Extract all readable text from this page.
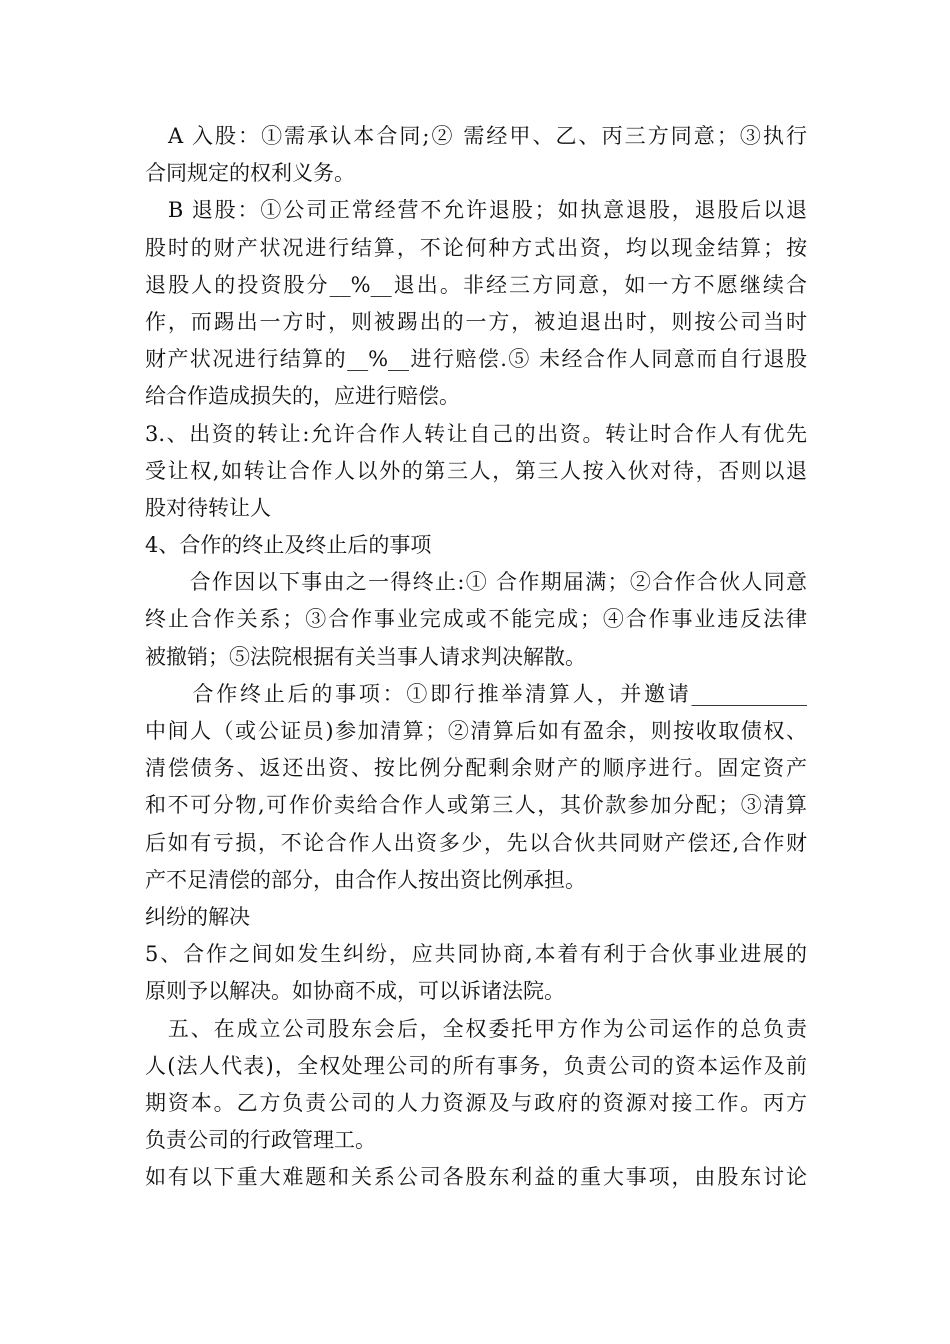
　A 入股：①需承认本合同;② 需经甲、乙、丙三方同意；③执行
合同规定的权利义务。
　B 退股：①公司正常经营不允许退股；如执意退股，退股后以退
股时的财产状况进行结算，不论何种方式出资，均以现金结算；按
退股人的投资股分__%__退出。非经三方同意，如一方不愿继续合
作，而踢出一方时，则被踢出的一方，被迫退出时，则按公司当时
财产状况进行结算的__%__进行赔偿.⑤ 未经合作人同意而自行退股
给合作造成损失的，应进行赔偿。
3.、出资的转让:允许合作人转让自己的出资。转让时合作人有优先
受让权,如转让合作人以外的第三人，第三人按入伙对待，否则以退
股对待转让人
4、合作的终止及终止后的事项
　　合作因以下事由之一得终止:① 合作期届满；②合作合伙人同意
终止合作关系；③合作事业完成或不能完成；④合作事业违反法律
被撤销；⑤法院根据有关当事人请求判决解散。
　　合作终止后的事项：①即行推举清算人，并邀请___________
中间人（或公证员)参加清算；②清算后如有盈余，则按收取债权、
清偿债务、返还出资、按比例分配剩余财产的顺序进行。固定资产
和不可分物,可作价卖给合作人或第三人，其价款参加分配；③清算
后如有亏损，不论合作人出资多少，先以合伙共同财产偿还,合作财
产不足清偿的部分，由合作人按出资比例承担。
纠纷的解决
5、合作之间如发生纠纷，应共同协商,本着有利于合伙事业进展的
原则予以解决。如协商不成，可以诉诸法院。
　五、在成立公司股东会后，全权委托甲方作为公司运作的总负责
人(法人代表)，全权处理公司的所有事务，负责公司的资本运作及前
期资本。乙方负责公司的人力资源及与政府的资源对接工作。丙方
负责公司的行政管理工。
如有以下重大难题和关系公司各股东利益的重大事项，由股东讨论
